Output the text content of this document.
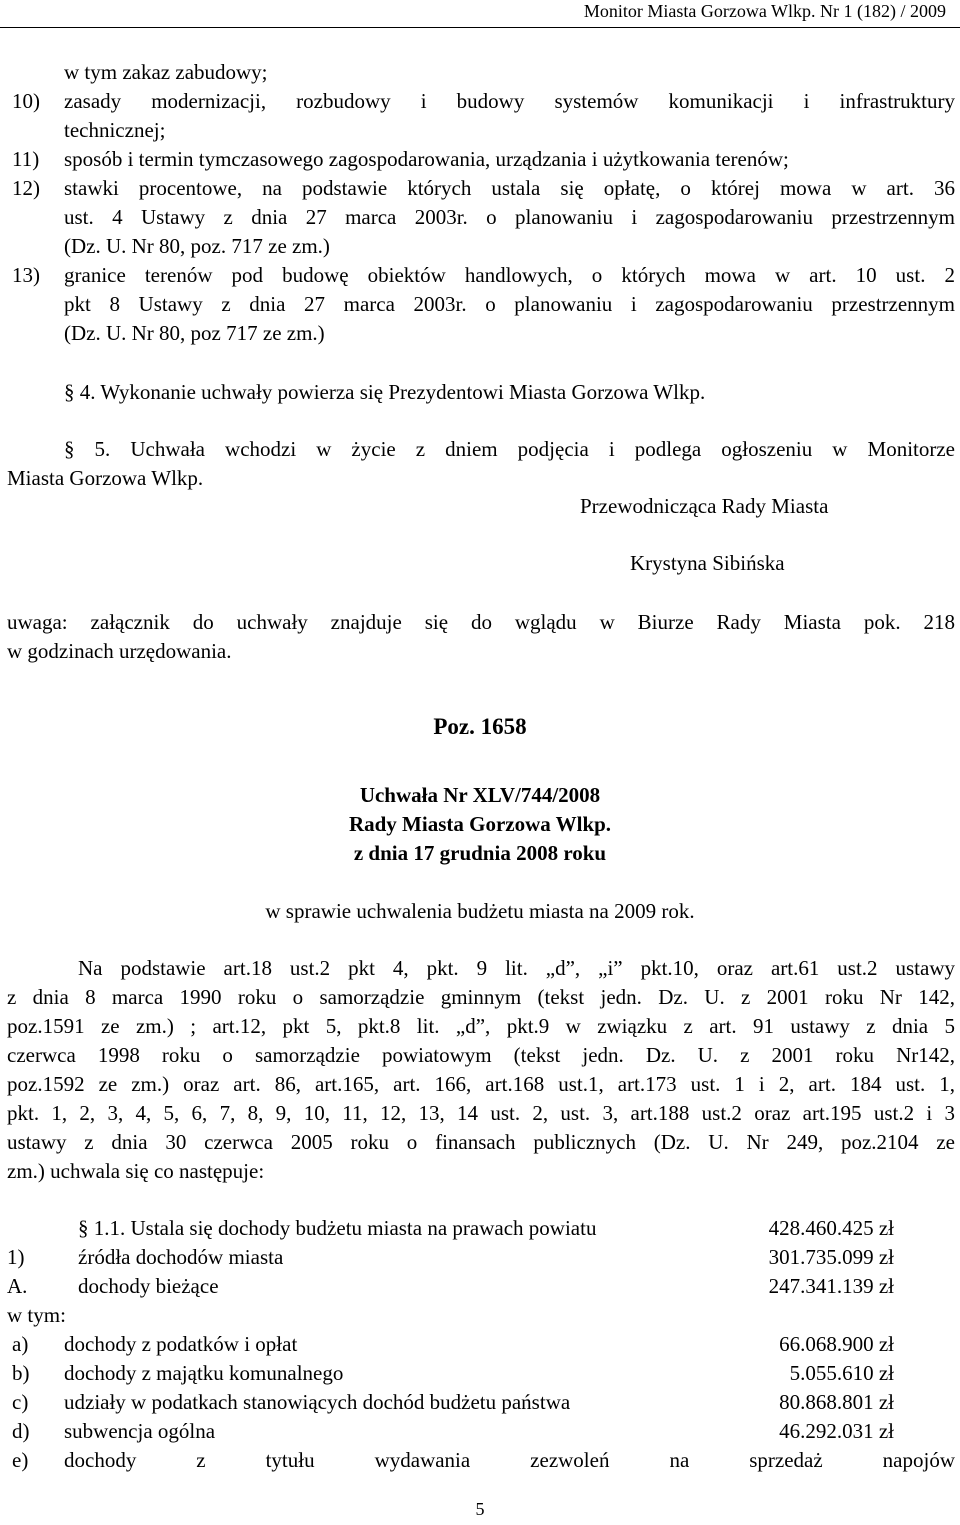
Monitor Miasta Gorzowa Wlkp. Nr 1 (182) / 2009
w tym zakaz zabudowy;
10) zasady modernizacji, rozbudowy i budowy systemów komunikacji i infrastruktury
technicznej;
11) sposób i termin tymczasowego zagospodarowania, urządzania i użytkowania terenów;
12) stawki procentowe, na podstawie których ustala się opłatę, o której mowa w art. 36
ust. 4 Ustawy z dnia 27 marca 2003r. o planowaniu i zagospodarowaniu przestrzennym
(Dz. U. Nr 80, poz. 717 ze zm.)
13) granice terenów pod budowę obiektów handlowych, o których mowa w art. 10 ust. 2
pkt 8 Ustawy z dnia 27 marca 2003r. o planowaniu i zagospodarowaniu przestrzennym
(Dz. U. Nr 80, poz 717 ze zm.)
§ 4. Wykonanie uchwały powierza się Prezydentowi Miasta Gorzowa Wlkp.
§ 5. Uchwała wchodzi w życie z dniem podjęcia i podlega ogłoszeniu w Monitorze
Miasta Gorzowa Wlkp.
Przewodnicząca Rady Miasta
Krystyna Sibińska
uwaga: załącznik do uchwały znajduje się do wglądu w Biurze Rady Miasta pok. 218
w godzinach urzędowania.
Poz. 1658
Uchwała Nr XLV/744/2008
Rady Miasta Gorzowa Wlkp.
z dnia 17 grudnia 2008 roku
w sprawie uchwalenia budżetu miasta na 2009 rok.
Na podstawie art.18 ust.2 pkt 4, pkt. 9 lit. „d”, „i” pkt.10, oraz art.61 ust.2 ustawy
z dnia 8 marca 1990 roku o samorządzie gminnym (tekst jedn. Dz. U. z 2001 roku Nr 142,
poz.1591 ze zm.) ; art.12, pkt 5, pkt.8 lit. „d”, pkt.9 w związku z art. 91 ustawy z dnia 5
czerwca 1998 roku o samorządzie powiatowym (tekst jedn. Dz. U. z 2001 roku Nr142,
poz.1592 ze zm.) oraz art. 86, art.165, art. 166, art.168 ust.1, art.173 ust. 1 i 2, art. 184 ust. 1,
pkt. 1, 2, 3, 4, 5, 6, 7, 8, 9, 10, 11, 12, 13, 14 ust. 2, ust. 3, art.188 ust.2 oraz art.195 ust.2 i 3
ustawy z dnia 30 czerwca 2005 roku o finansach publicznych (Dz. U. Nr 249, poz.2104 ze
zm.) uchwala się co następuje:
§ 1.1. Ustala się dochody budżetu miasta na prawach powiatu	428.460.425 zł
1)	źródła dochodów miasta	301.735.099 zł
A. dochody bieżące	247.341.139 zł
w tym:
a) dochody z podatków i opłat	66.068.900 zł
b) dochody z majątku komunalnego	5.055.610 zł
c) udziały w podatkach stanowiących dochód budżetu państwa	80.868.801 zł
d) subwencja ogólna	46.292.031 zł
e) dochody z tytułu wydawania zezwoleń na sprzedaż napojów
5
